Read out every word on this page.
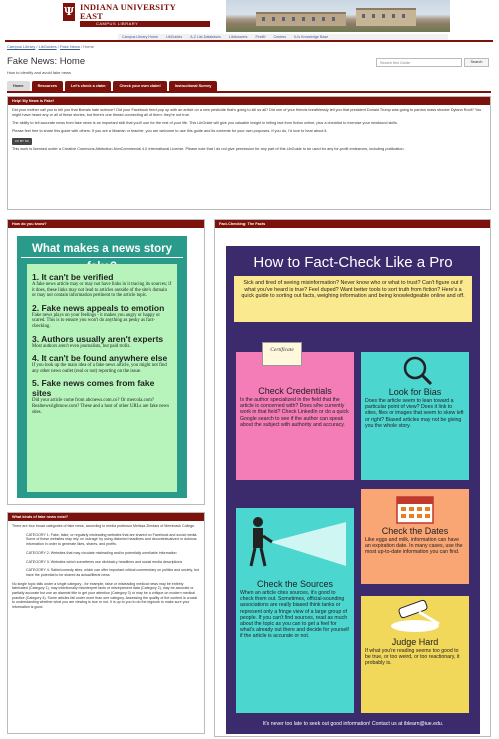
Ψ INDIANA UNIVERSITY
EAST
CAMPUS LIBRARY
Campus Library Home	LibGuides	A-Z List-Databases	LibAnswers	FindIt!	Centres	IU's Knowledge Base
Campus Library / LibGuides / Fake News / Home
Fake News: Home
How to identify and avoid fake news
Search this Guide	Search
Home	Resources	Let's check a claim	Check your own claim!	Instructional Survey
Help! My News is Fake!

Did your mother call you to tell you that liberals hate science? Did your Facebook feed pop up with an article on a new pesticide that's going to kill us all? Did one of your friends breathlessly tell you that president Donald Trump was going to pardon mass shooter Dylann Roof? You might have heard any or all of these stories, but there's one thread connecting all of them: they're not true.

The ability to tell accurate news from fake news is an important skill that you'll use for the rest of your life. This LibGuide will give you valuable insight in telling fact from fiction online, plus a checklist to exercise your newfound skills.

Please feel free to share this guide with others. If you are a librarian or teacher, you are welcome to use this guide and its contents for your own purposes. If you do, I'd love to hear about it.

CC BY NC

This work is licensed under a Creative Commons Attribution-NonCommercial 4.0 International License. Please note that I do not give permission for any part of this LibGuide to be used for any for-profit endeavors, including publication.

How do you know?
What makes a news story
1. It can't be verified

A fake news article may or may not have links in it tracing its sources; if it does, these links may not lead to articles outside of the site's domain or may not contain information pertinent to the article topic.

2. Fake news appeals to emotion

Fake news plays on your feelings - it makes you angry or happy or scared. This is to ensure you won't do anything as pesky as fact-checking.

3. Authors usually aren't experts

Most authors aren't even journalists, but paid trolls.

4. It can't be found anywhere else

If you look up the main idea of a fake news article, you might not find any other news outlet (real or not) reporting on the issue.

5. Fake news comes from fake sites

Did your article come from abcnews.com.co? Or mercola.com? Realnewsrightnow.com? These and a host of other URLs are fake news sites.

What kinds of fake news exist?

There are four broad categories of fake news, according to media professor Melissa Zimdars of Merrimack College.

CATEGORY 1: Fake, false, or regularly misleading websites that are shared on Facebook and social media. Some of these websites may rely on 'outrage' by using distorted headlines and decontextualized or dubious information in order to generate likes, shares, and profits.

CATEGORY 2: Websites that may circulate misleading and/or potentially unreliable information

CATEGORY 3: Websites which sometimes use clickbait-y headlines and social media descriptions

CATEGORY 4: Satire/comedy sites, which can offer important critical commentary on politics and society, but have the potential to be shared as actual/literal news

No single topic falls under a single category - for example, false or misleading medical news may be entirely fabricated (Category 1), may intentionally misinterpret facts or misrepresent data (Category 2), may be accurate or partially accurate but use an alarmist title to get your attention (Category 3) or may be a critique on modern medical practice (Category 4). Some articles fall under more than one category. Assessing the quality of the content is crucial to understanding whether what you are viewing is true or not. It is up to you to do the legwork to make sure your information is good.

Fact-Checking: The Facts
How to Fact-Check Like a Pro
Sick and tired of seeing misinformation? Never know who or what to trust? Can't figure out if what you've heard is true? Feel duped? Want better tools to sort truth from fiction? Here's a quick guide to sorting out facts, weighing information and being knowledgeable online and off.
Check Credentials

Is the author specialized in the field that the article is concerned with? Does s/he currently work in that field? Check LinkedIn or do a quick Google search to see if the author can speak about the subject with authority and accuracy.

Certificate
Look for Bias

Does the article seem to lean toward a particular point of view? Does it link to sites, files or images that seem to skew left or right? Biased articles may not be giving you the whole story.

Check the Sources

When an article cites sources, it's good to check them out. Sometimes, official-sounding associations are really biased think tanks or represent only a fringe view of a large group of people. If you can't find sources, read as much about the topic as you can to get a feel for what's already out there and decide for yourself if the article is accurate or not.

Check the Dates

Like eggs and milk, information can have an expiration date. In many cases, use the most up-to-date information you can find.

Judge Hard

If what you're reading seems too good to be true, or too weird, or too reactionary, it probably is.

It's never too late to seek out good information! Contact us at iblearn@iue.edu.
